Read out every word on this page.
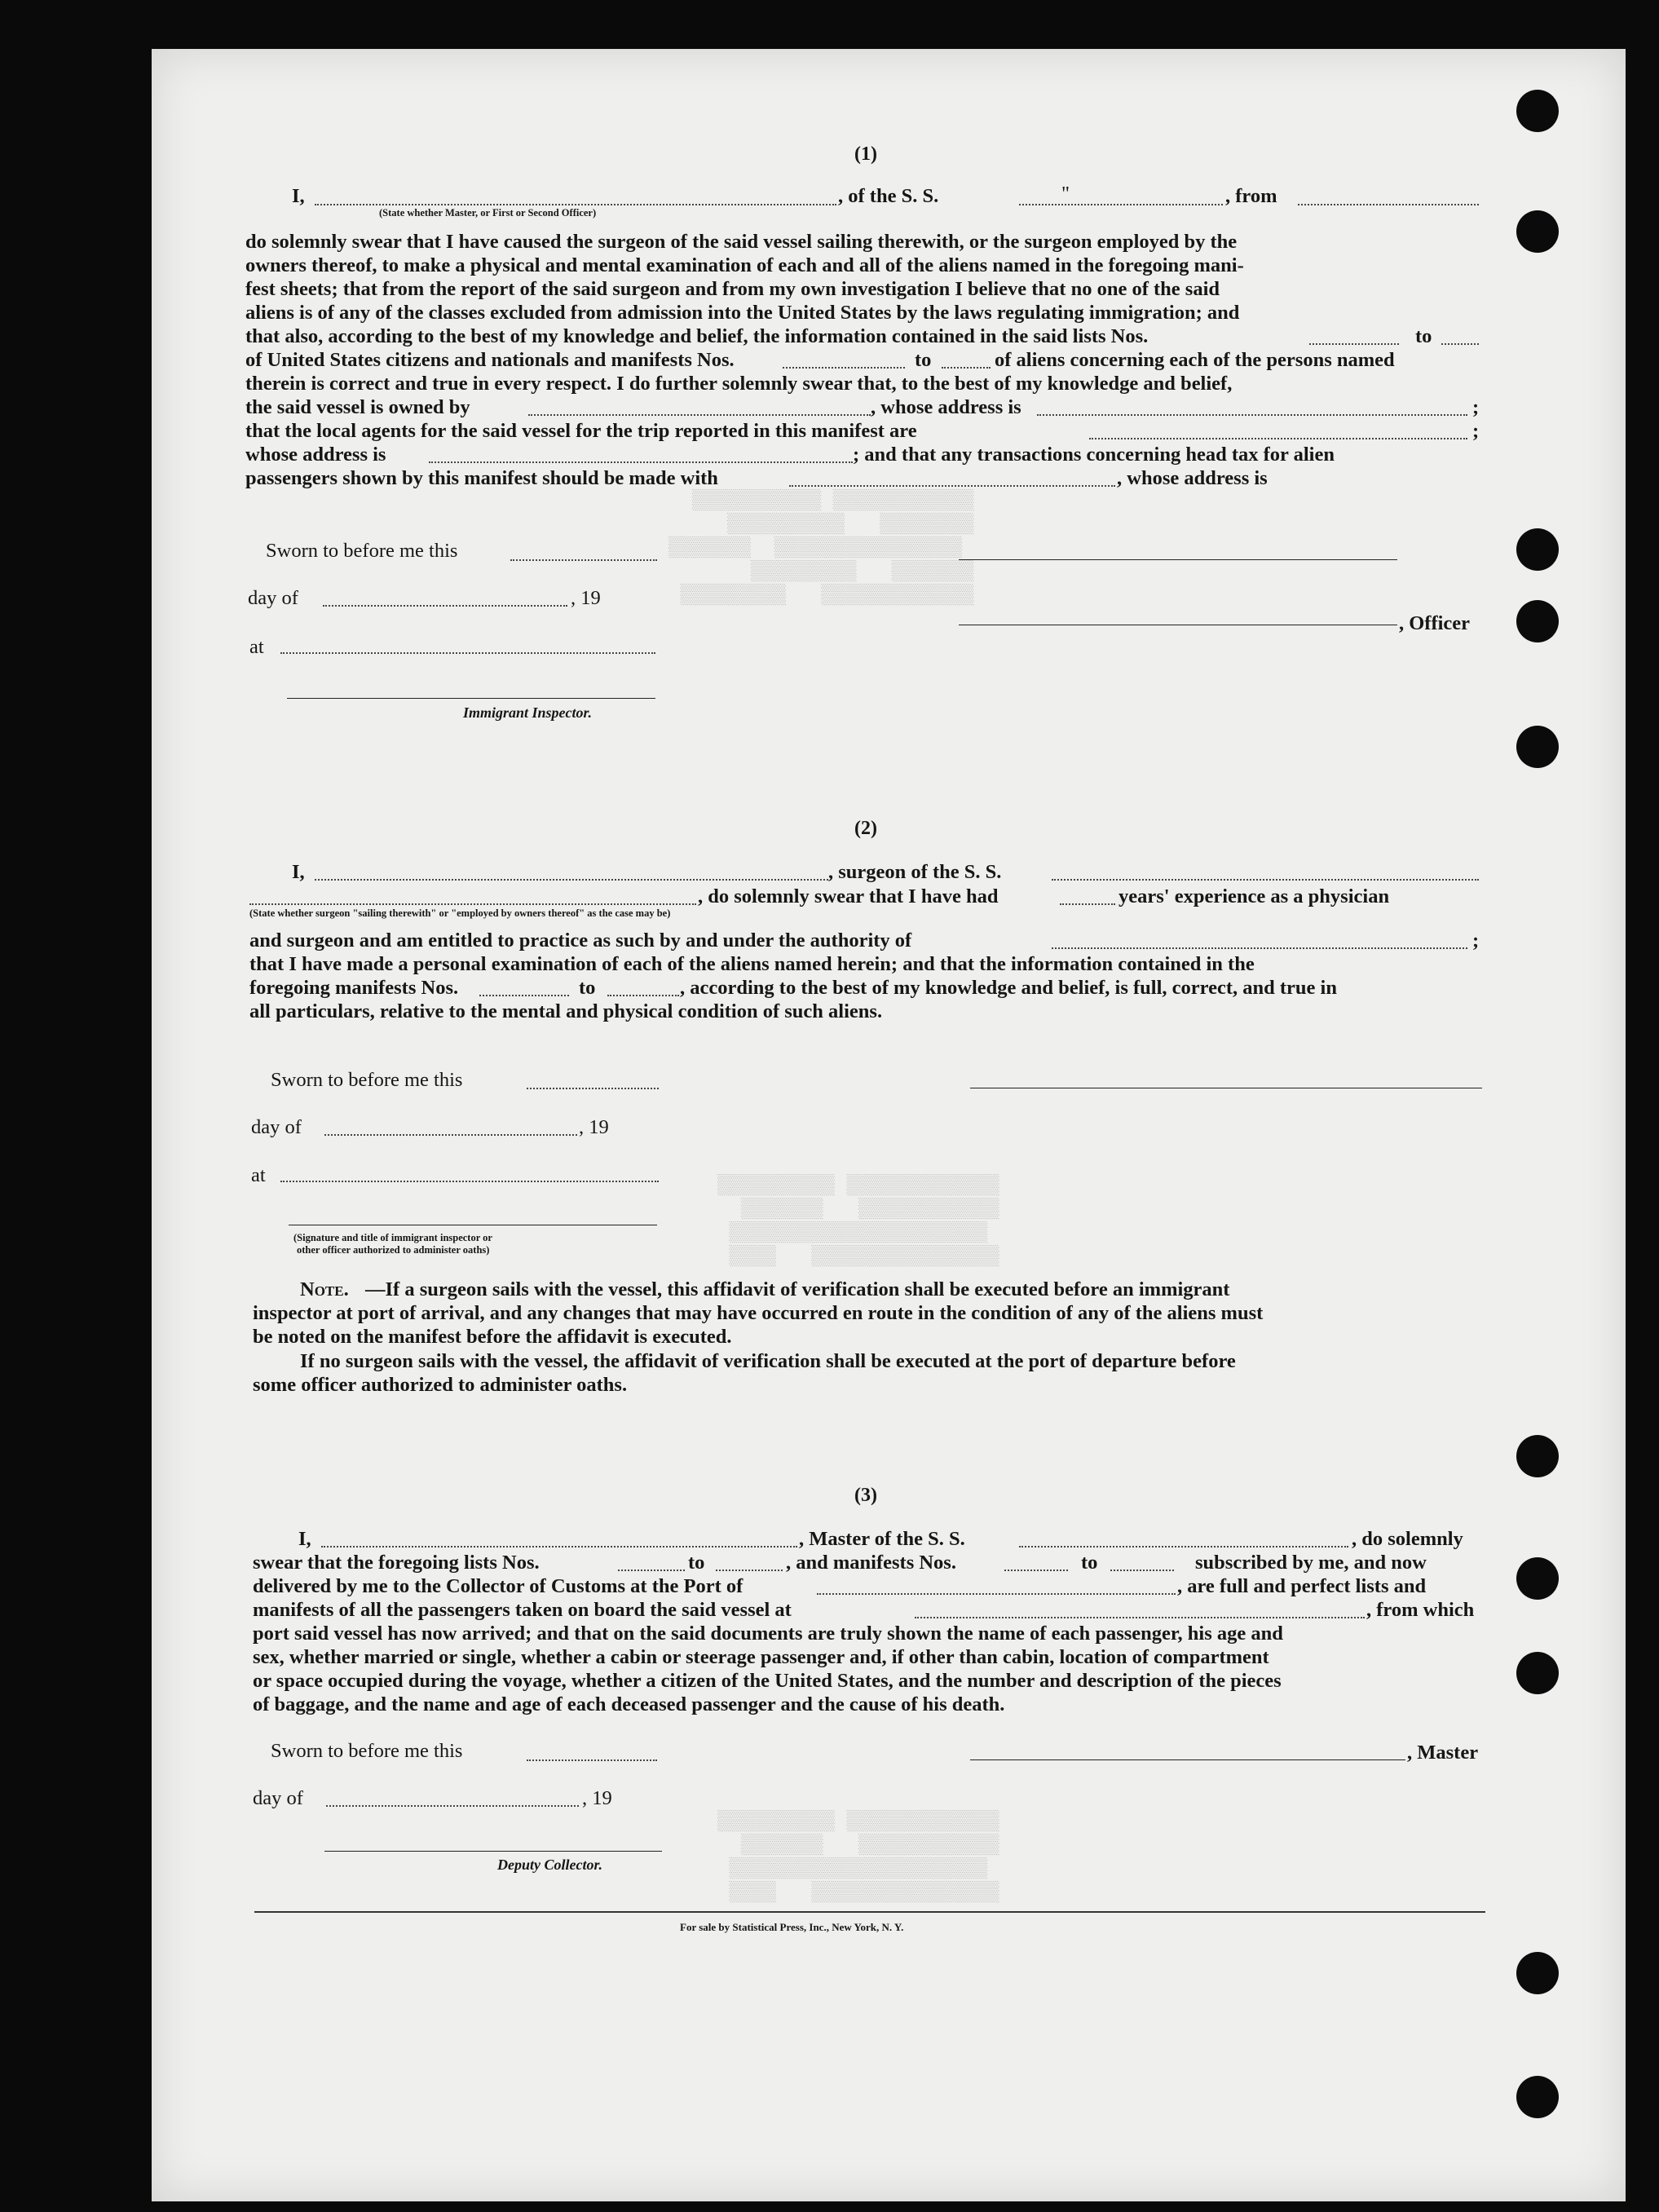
▒▒▒▒▒▒▒▒▒▒▒▒ ▒▒▒▒▒▒▒▒▒▒▒
▒▒▒▒▒▒▒▒   ▒▒▒▒▒▒▒▒▒▒
▒▒▒▒▒▒▒▒▒▒▒▒▒▒▒▒  ▒▒▒▒▒▒▒
▒▒▒▒▒▒▒   ▒▒▒▒▒▒▒▒▒
▒▒▒▒▒▒▒▒▒▒▒▒▒   ▒▒▒▒▒▒▒▒▒
▒▒▒▒▒▒▒▒▒▒▒▒▒ ▒▒▒▒▒▒▒▒▒▒
▒▒▒▒▒▒▒▒▒▒▒▒   ▒▒▒▒▒▒▒
▒▒▒▒▒▒▒▒▒▒▒▒▒▒▒▒▒▒▒▒▒▒
▒▒▒▒▒▒▒▒▒▒▒▒▒▒▒▒   ▒▒▒▒
▒▒▒▒▒▒▒▒▒▒▒▒▒ ▒▒▒▒▒▒▒▒▒▒
▒▒▒▒▒▒▒▒▒▒▒▒   ▒▒▒▒▒▒▒
▒▒▒▒▒▒▒▒▒▒▒▒▒▒▒▒▒▒▒▒▒▒
▒▒▒▒▒▒▒▒▒▒▒▒▒▒▒▒   ▒▒▒▒
(1)
I,	, of the S. S.	"	, from
(State whether Master, or First or Second Officer)
do solemnly swear that I have caused the surgeon of the said vessel sailing therewith, or the surgeon employed by the
owners thereof, to make a physical and mental examination of each and all of the aliens named in the foregoing mani-
fest sheets; that from the report of the said surgeon and from my own investigation I believe that no one of the said
aliens is of any of the classes excluded from admission into the United States by the laws regulating immigration; and
that also, according to the best of my knowledge and belief, the information contained in the said lists Nos.	to
of United States citizens and nationals and manifests Nos.	to	of aliens concerning each of the persons named
therein is correct and true in every respect. I do further solemnly swear that, to the best of my knowledge and belief,
the said vessel is owned by	, whose address is	;
that the local agents for the said vessel for the trip reported in this manifest are	;
whose address is	; and that any transactions concerning head tax for alien
passengers shown by this manifest should be made with	, whose address is
Sworn to before me this
day of	, 19
, Officer
at
Immigrant Inspector.
(2)
I,	, surgeon of the S. S.
, do solemnly swear that I have had	years' experience as a physician
(State whether surgeon "sailing therewith" or "employed by owners thereof" as the case may be)
and surgeon and am entitled to practice as such by and under the authority of	;
that I have made a personal examination of each of the aliens named herein; and that the information contained in the
foregoing manifests Nos.	to	, according to the best of my knowledge and belief, is full, correct, and true in
all particulars, relative to the mental and physical condition of such aliens.
Sworn to before me this
day of	, 19
at
(Signature and title of immigrant inspector or
other officer authorized to administer oaths)
Note. —If a surgeon sails with the vessel, this affidavit of verification shall be executed before an immigrant
inspector at port of arrival, and any changes that may have occurred en route in the condition of any of the aliens must
be noted on the manifest before the affidavit is executed.
If no surgeon sails with the vessel, the affidavit of verification shall be executed at the port of departure before
some officer authorized to administer oaths.
(3)
I,	, Master of the S. S.	, do solemnly
swear that the foregoing lists Nos.	to	, and manifests Nos.	to	subscribed by me, and now
delivered by me to the Collector of Customs at the Port of	, are full and perfect lists and
manifests of all the passengers taken on board the said vessel at	, from which
port said vessel has now arrived; and that on the said documents are truly shown the name of each passenger, his age and
sex, whether married or single, whether a cabin or steerage passenger and, if other than cabin, location of compartment
or space occupied during the voyage, whether a citizen of the United States, and the number and description of the pieces
of baggage, and the name and age of each deceased passenger and the cause of his death.
Sworn to before me this	, Master
day of	, 19
Deputy Collector.
For sale by Statistical Press, Inc., New York, N. Y.
